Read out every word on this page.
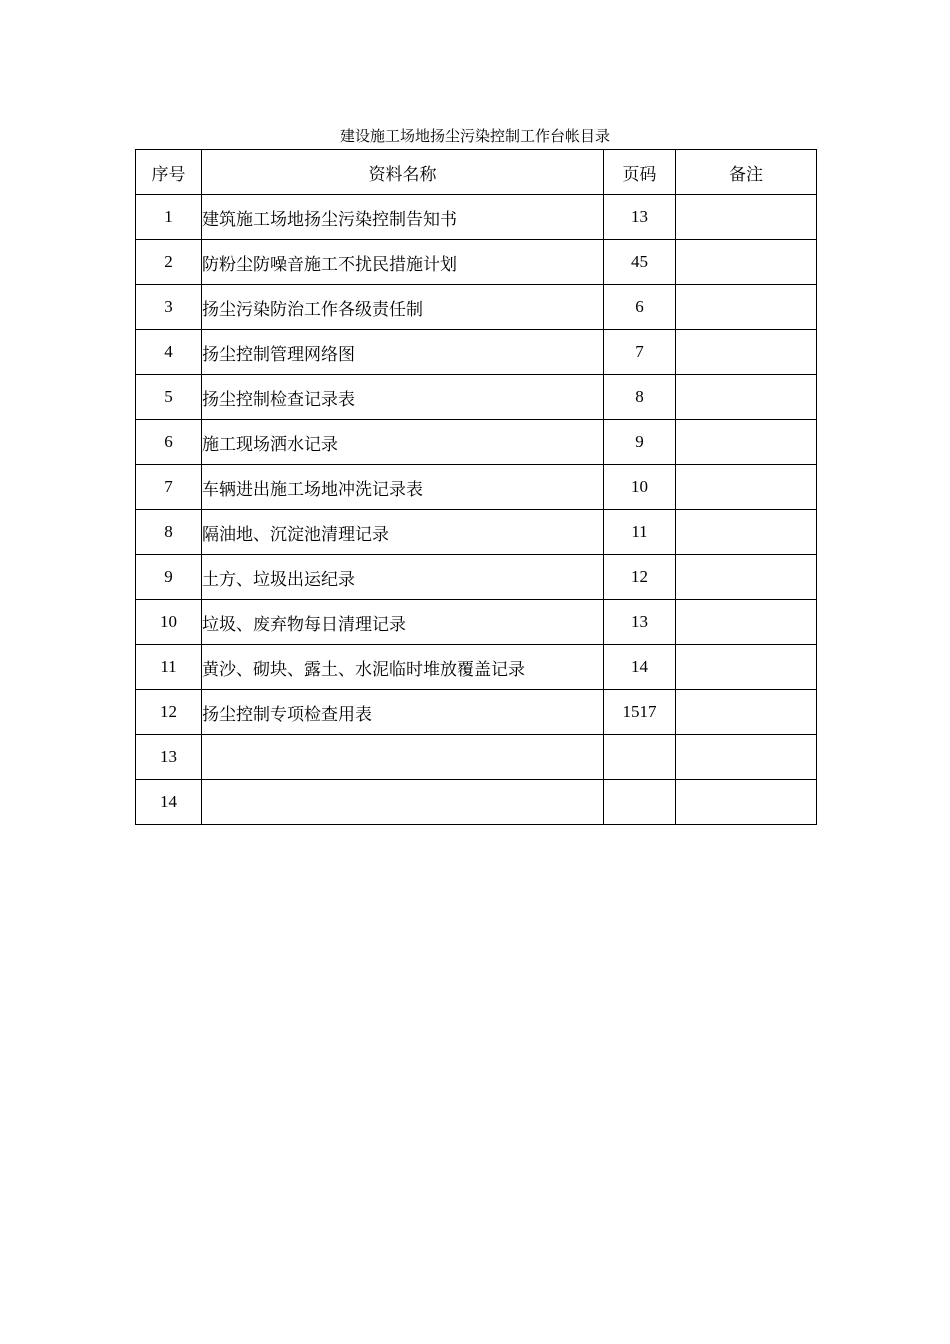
建设施工场地扬尘污染控制工作台帐目录
序号	资料名称	页码	备注
1	建筑施工场地扬尘污染控制告知书	13	
2	防粉尘防噪音施工不扰民措施计划	45	
3	扬尘污染防治工作各级责任制	6	
4	扬尘控制管理网络图	7	
5	扬尘控制检查记录表	8	
6	施工现场洒水记录	9	
7	车辆进出施工场地冲洗记录表	10	
8	隔油地、沉淀池清理记录	11	
9	土方、垃圾出运纪录	12	
10	垃圾、废弃物每日清理记录	13	
11	黄沙、砌块、露土、水泥临时堆放覆盖记录	14	
12	扬尘控制专项检查用表	1517	
13			
14			
